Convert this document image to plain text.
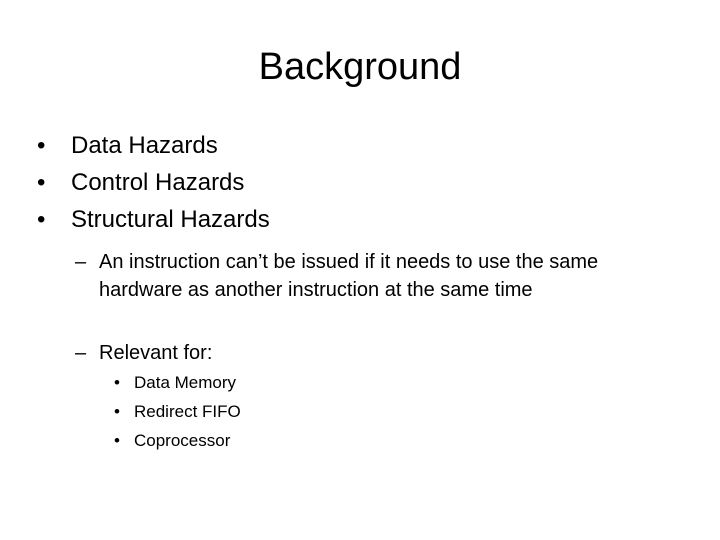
Background
• Data Hazards
• Control Hazards
• Structural Hazards
– An instruction can’t be issued if it needs to use the same hardware as another instruction at the same time
– Relevant for:
• Data Memory
• Redirect FIFO
• Coprocessor
